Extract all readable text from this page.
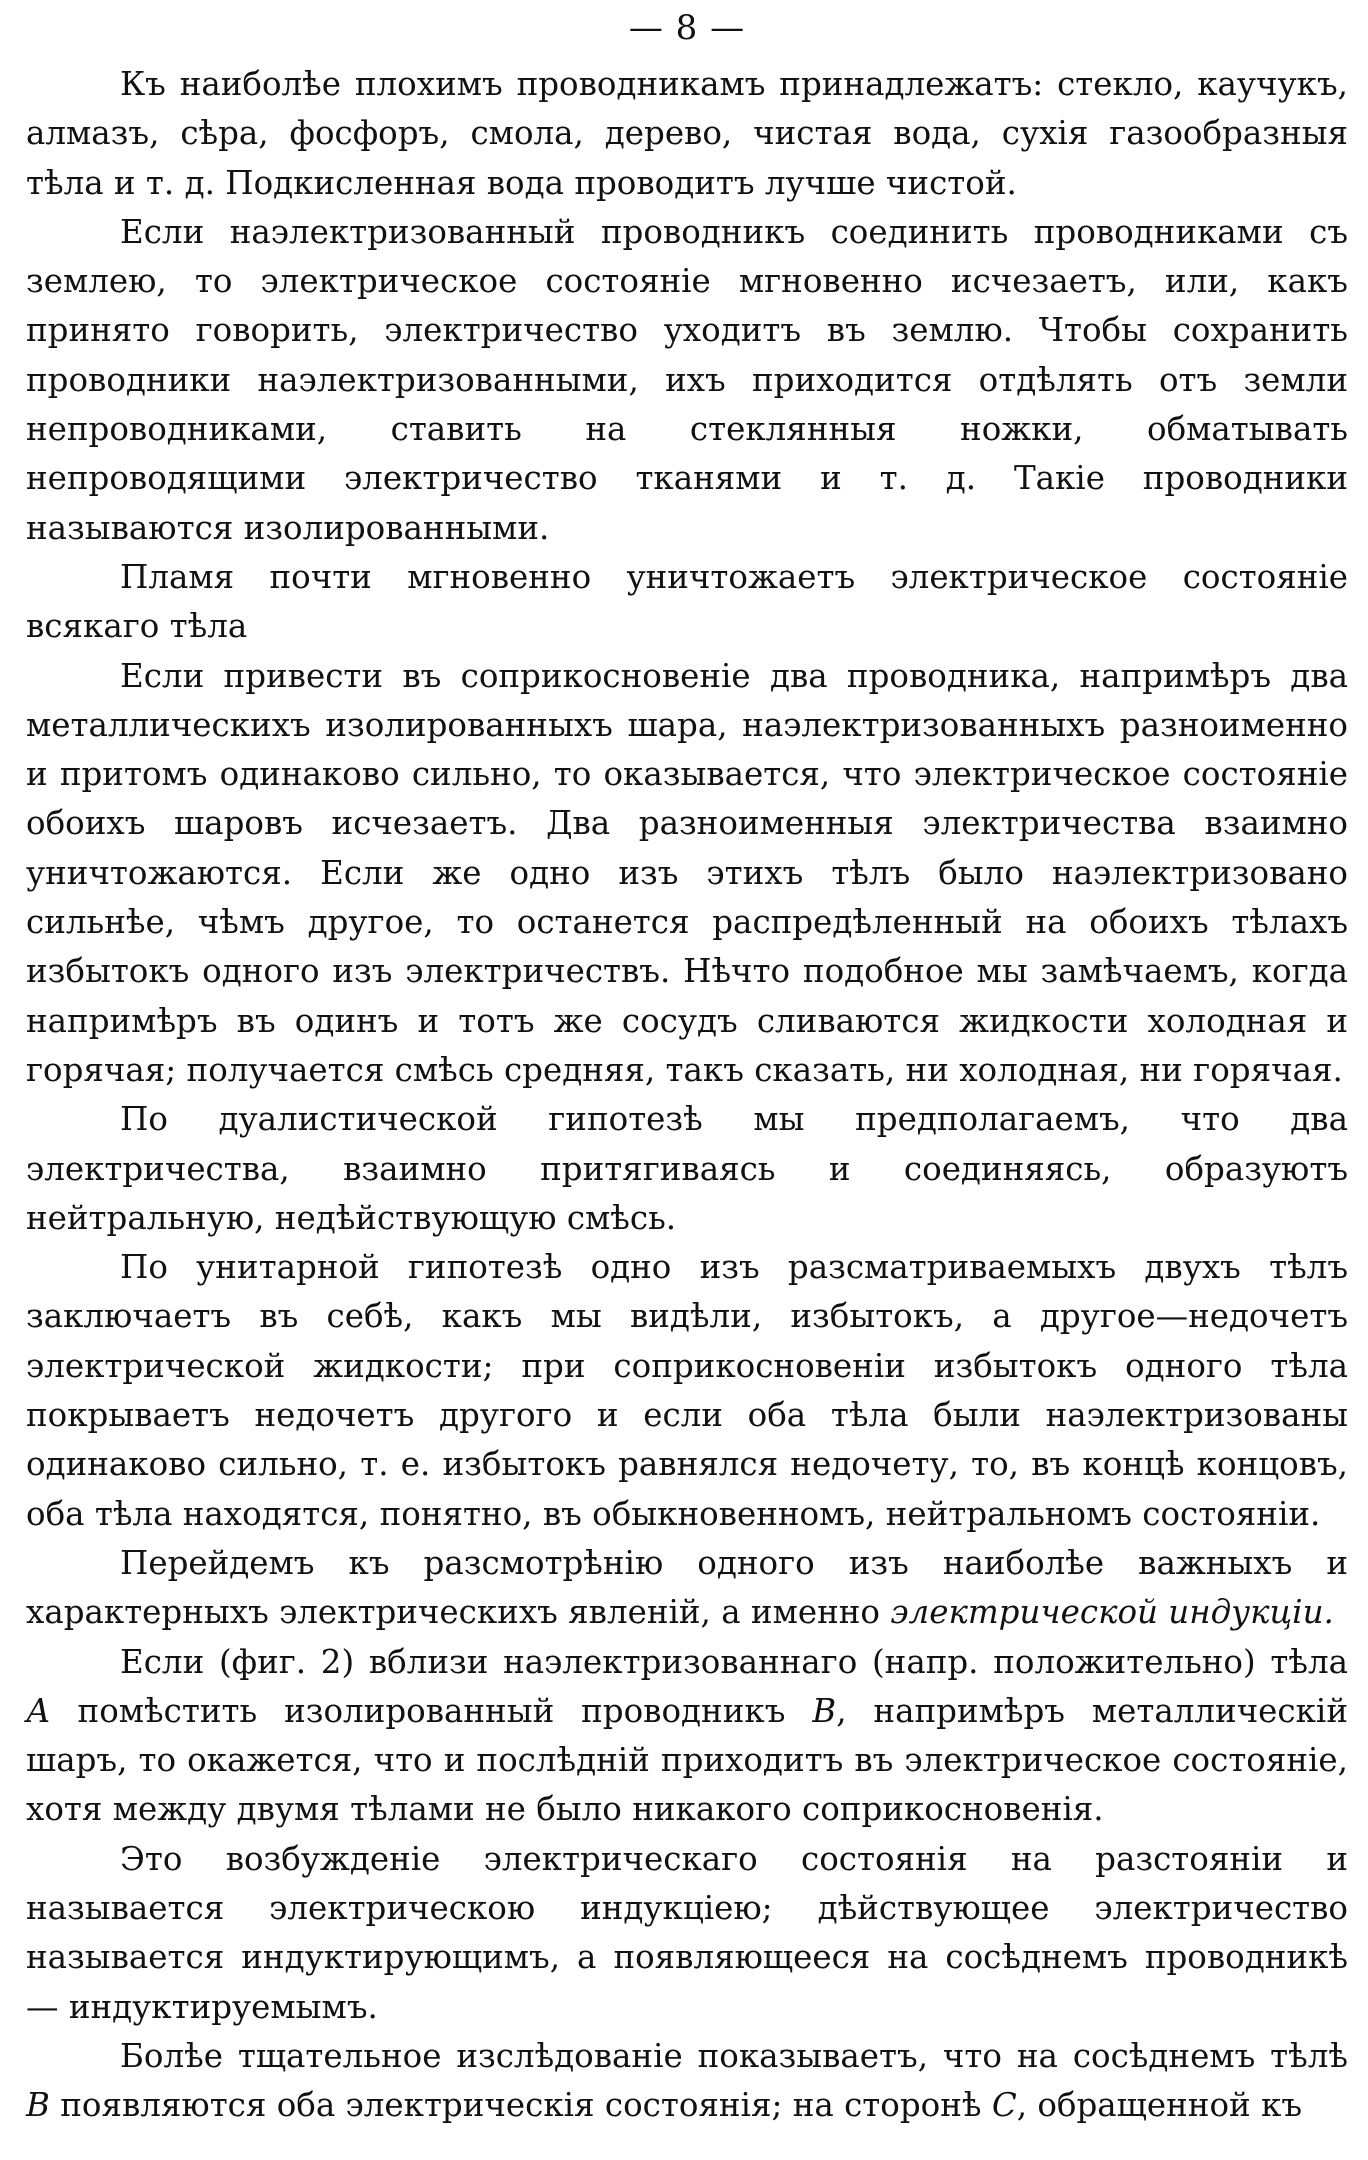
— 8 —

Къ наиболѣе плохимъ проводникамъ принадлежатъ: стекло, каучукъ, алмазъ, сѣра, фосфоръ, смола, дерево, чистая вода, сухія газообразныя тѣла и т. д. Подкисленная вода проводитъ лучше чистой.

Если наэлектризованный проводникъ соединить проводниками съ землею, то электрическое состояніе мгновенно исчезаетъ, или, какъ принято говорить, электричество уходитъ въ землю. Чтобы сохранить проводники наэлектризованными, ихъ приходится отдѣлять отъ земли непроводниками, ставить на стеклянныя ножки, обматывать непроводящими электричество тканями и т. д. Такіе проводники называются изолированными.

Пламя почти мгновенно уничтожаетъ электрическое состояніе всякаго тѣла

Если привести въ соприкосновеніе два проводника, напримѣръ два металлическихъ изолированныхъ шара, наэлектризованныхъ разноименно и притомъ одинаково сильно, то оказывается, что электрическое состояніе обоихъ шаровъ исчезаетъ. Два разноименныя электричества взаимно уничтожаются. Если же одно изъ этихъ тѣлъ было наэлектризовано сильнѣе, чѣмъ другое, то останется распредѣленный на обоихъ тѣлахъ избытокъ одного изъ электричествъ. Нѣчто подобное мы замѣчаемъ, когда напримѣръ въ одинъ и тотъ же сосудъ сливаются жидкости холодная и горячая; получается смѣсь средняя, такъ сказать, ни холодная, ни горячая.

По дуалистической гипотезѣ мы предполагаемъ, что два электричества, взаимно притягиваясь и соединяясь, образуютъ нейтральную, недѣйствующую смѣсь.

По унитарной гипотезѣ одно изъ разсматриваемыхъ двухъ тѣлъ заключаетъ въ себѣ, какъ мы видѣли, избытокъ, а другое—недочетъ электрической жидкости; при соприкосновеніи избытокъ одного тѣла покрываетъ недочетъ другого и если оба тѣла были наэлектризованы одинаково сильно, т. е. избытокъ равнялся недочету, то, въ концѣ концовъ, оба тѣла находятся, понятно, въ обыкновенномъ, нейтральномъ состояніи.

Перейдемъ къ разсмотрѣнію одного изъ наиболѣе важныхъ и характерныхъ электрическихъ явленій, а именно электрической индукціи.

Если (фиг. 2) вблизи наэлектризованнаго (напр. положительно) тѣла А помѣстить изолированный проводникъ В, напримѣръ металлическій шаръ, то окажется, что и послѣдній приходитъ въ электрическое состояніе, хотя между двумя тѣлами не было никакого соприкосновенія.

Это возбужденіе электрическаго состоянія на разстояніи и называется электрическою индукціею; дѣйствующее электричество называется индуктирующимъ, а появляющееся на сосѣднемъ проводникѣ — индуктируемымъ.

Болѣе тщательное изслѣдованіе показываетъ, что на сосѣднемъ тѣлѣ В появляются оба электрическія состоянія; на сторонѣ С, обращенной къ
